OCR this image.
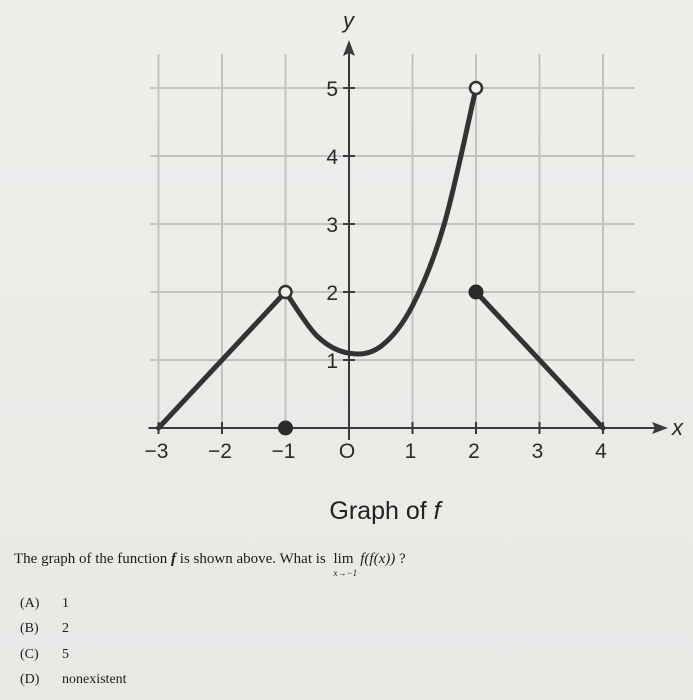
−3 −2 −1 O 1 2 3 4
1
2
3
4
5
x
y
Graph of f
The graph of the function f is shown above. What is lim
x→−1
f(f(x)) ?
(A)	1
(B)	2
(C)	5
(D)	nonexistent
